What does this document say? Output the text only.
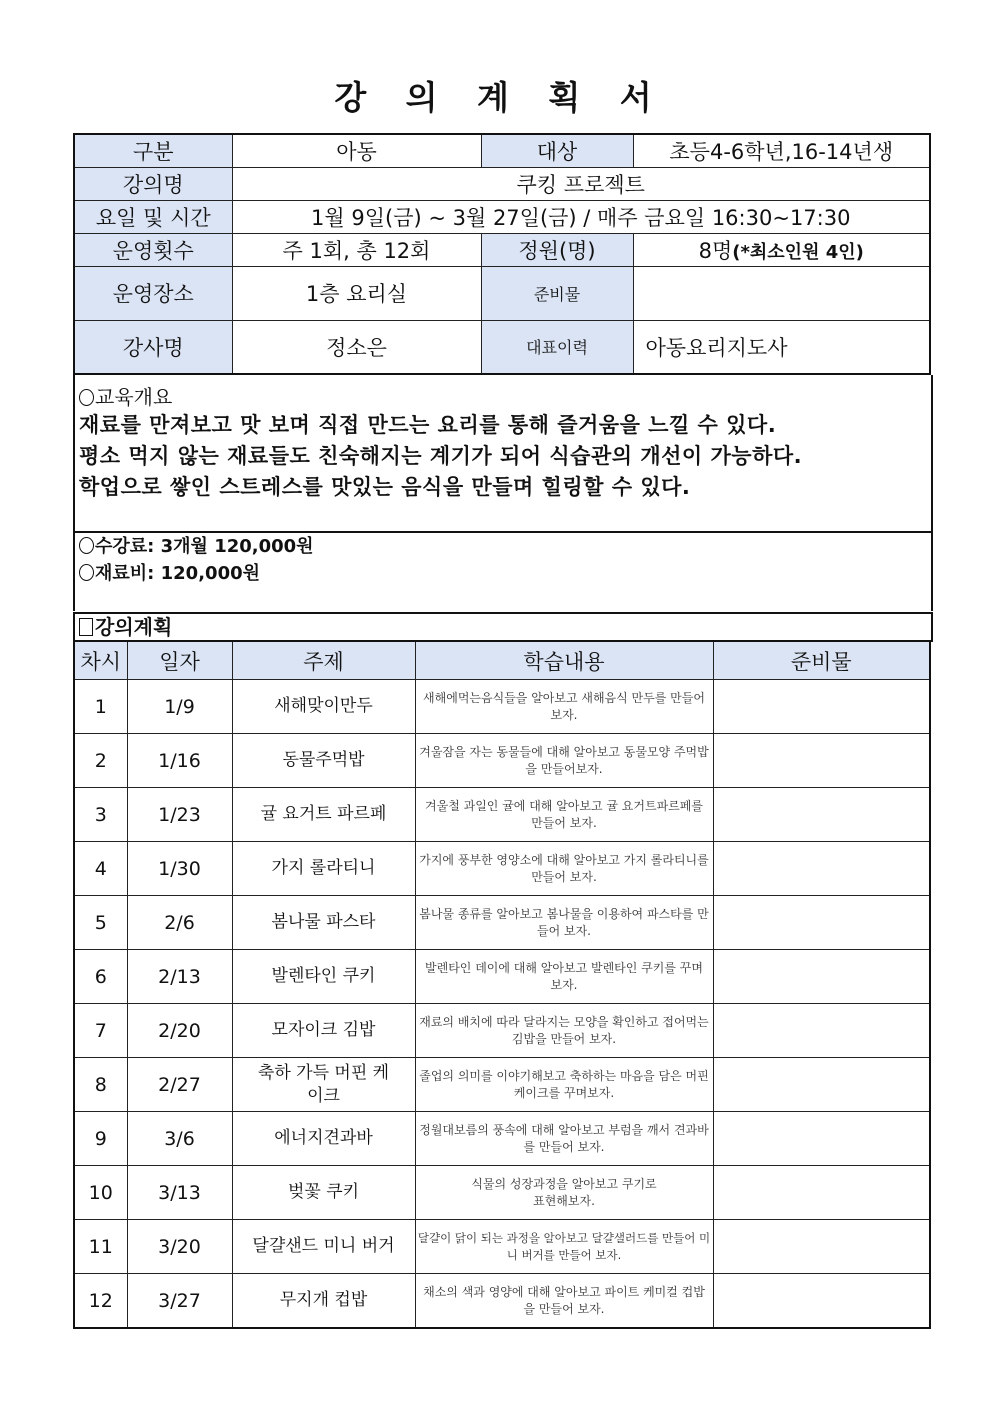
강 의 계 획 서
구분	아동	대상	초등4-6학년,16-14년생
강의명	쿠킹 프로젝트		
요일 및 시간	1월 9일(금) ~ 3월 27일(금) / 매주 금요일 16:30~17:30		
운영횟수	주 1회, 총 12회	정원(명)	8명(*최소인원 4인)
운영장소	1층 요리실	준비물	
강사명	정소은	대표이력	아동요리지도사
교육개요
재료를 만져보고 맛 보며 직접 만드는 요리를 통해 즐거움을 느낄 수 있다.
평소 먹지 않는 재료들도 친숙해지는 계기가 되어 식습관의 개선이 가능하다.
학업으로 쌓인 스트레스를 맛있는 음식을 만들며 힐링할 수 있다.
수강료: 3개월 120,000원
재료비: 120,000원
강의계획
차시	일자	주제	학습내용	준비물
1	1/9	새해맞이만두	새해에먹는음식들을 알아보고 새해음식 만두를 만들어 보자.	
2	1/16	동물주먹밥	겨울잠을 자는 동물들에 대해 알아보고 동물모양 주먹밥을 만들어보자.	
3	1/23	귤 요거트 파르페	겨울철 과일인 귤에 대해 알아보고 귤 요거트파르페를 만들어 보자.	
4	1/30	가지 롤라티니	가지에 풍부한 영양소에 대해 알아보고 가지 롤라티니를 만들어 보자.	
5	2/6	봄나물 파스타	봄나물 종류를 알아보고 봄나물을 이용하여 파스타를 만들어 보자.	
6	2/13	발렌타인 쿠키	발렌타인 데이에 대해 알아보고 발렌타인 쿠키를 꾸며 보자.	
7	2/20	모자이크 김밥	재료의 배치에 따라 달라지는 모양을 확인하고 접어먹는 김밥을 만들어 보자.	
8	2/27	축하 가득 머핀 케이크	졸업의 의미를 이야기해보고 축하하는 마음을 담은 머핀 케이크를 꾸며보자.	
9	3/6	에너지견과바	정월대보름의 풍속에 대해 알아보고 부럼을 깨서 견과바를 만들어 보자.	
10	3/13	벚꽃 쿠키	식물의 성장과정을 알아보고 쿠기로 표현해보자.	
11	3/20	달걀샌드 미니 버거	달걀이 닭이 되는 과정을 알아보고 달걀샐러드를 만들어 미니 버거를 만들어 보자.	
12	3/27	무지개 컵밥	채소의 색과 영양에 대해 알아보고 파이트 케미컬 컵밥을 만들어 보자.	
